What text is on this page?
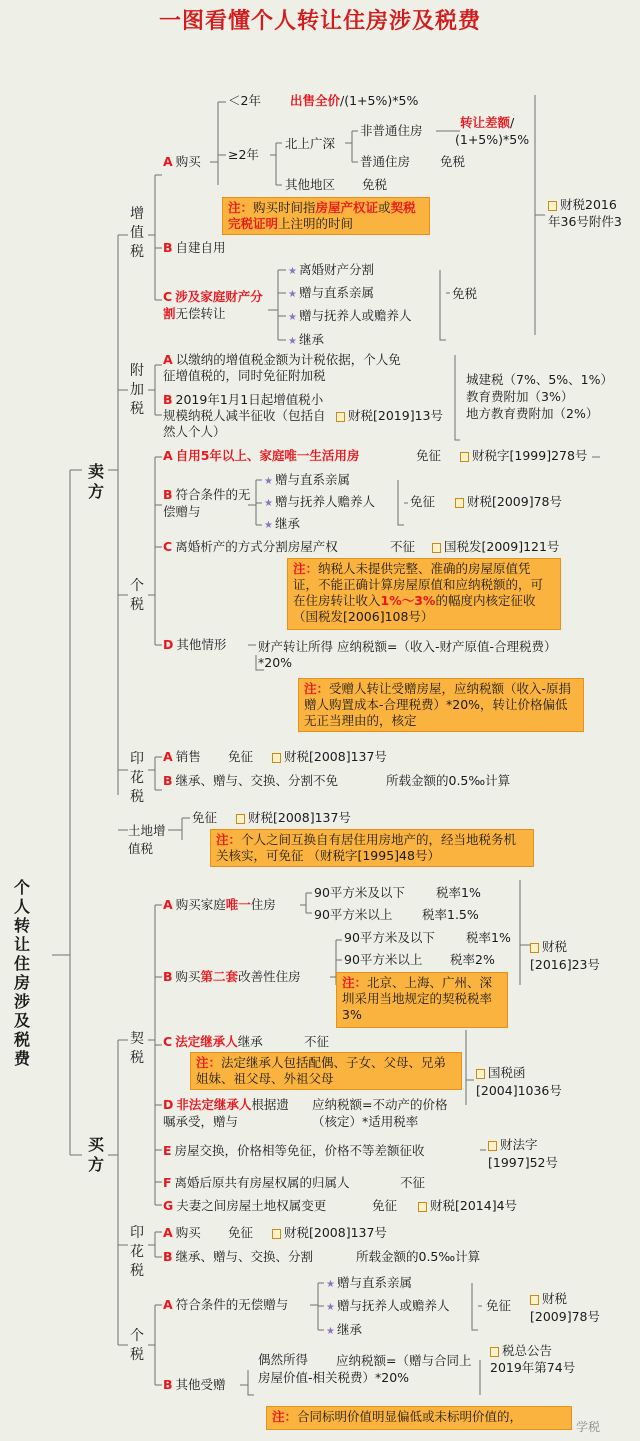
一图看懂个人转让住房涉及税费
个人转让住房涉及税费
卖方
买方
增值税
A 购买
＜2年 出售全价/(1+5%)*5%
≥2年
北上广深
非普通住房
转让差额/
(1+5%)*5%
普通住房 免税
其他地区 免税
注：购买时间指房屋产权证或契税完税证明上注明的时间
B 自建自用
C 涉及家庭财产分割无偿转让
★ 离婚财产分割
★ 赠与直系亲属
★ 赠与抚养人或赡养人
★ 继承
免税
财税2016年36号附件3
附加税
A 以缴纳的增值税金额为计税依据，个人免征增值税的，同时免征附加税
B 2019年1月1日起增值税小规模纳税人减半征收（包括自然人个人）
财税[2019]13号
城建税（7%、5%、1%）
教育费附加（3%）
地方教育费附加（2%）
个税
A 自用5年以上、家庭唯一生活用房	免征	财税字[1999]278号
B 符合条件的无偿赠与
★ 赠与直系亲属
★ 赠与抚养人赡养人
★ 继承
免征	财税[2009]78号
C 离婚析产的方式分割房屋产权	不征	国税发[2009]121号
注：纳税人未提供完整、准确的房屋原值凭证，不能正确计算房屋原值和应纳税额的，可在住房转让收入1%～3%的幅度内核定征收（国税发[2006]108号）
D 其他情形	财产转让所得 应纳税额=（收入-财产原值-合理税费）*20%
注：受赠人转让受赠房屋，应纳税额（收入-原捐赠人购置成本-合理税费）*20%，转让价格偏低无正当理由的，核定
印花税
A 销售 免征	财税[2008]137号
B 继承、赠与、交换、分割不免	所载金额的0.5‰计算
土地增值税
免征	财税[2008]137号
注：个人之间互换自有居住用房地产的，经当地税务机关核实，可免征 （财税字[1995]48号）
契税
A 购买家庭唯一住房
90平方米及以下 税率1%
90平方米以上 税率1.5%
B 购买第二套改善性住房
90平方米及以下 税率1%
90平方米以上 税率2%
注：北京、上海、广州、深圳采用当地规定的契税税率3%
财税[2016]23号
C 法定继承人继承	不征
注：法定继承人包括配偶、子女、父母、兄弟姐妹、祖父母、外祖父母
D 非法定继承人根据遗嘱承受，赠与
应纳税额=不动产的价格（核定）*适用税率
国税函[2004]1036号
E 房屋交换，价格相等免征，价格不等差额征收	财法字[1997]52号
F 离婚后原共有房屋权属的归属人	不征
G 夫妻之间房屋土地权属变更	免征	财税[2014]4号
印花税
A 购买 免征	财税[2008]137号
B 继承、赠与、交换、分割	所载金额的0.5‰计算
个税
A 符合条件的无偿赠与
★ 赠与直系亲属
★ 赠与抚养人或赡养人
★ 继承
免征	财税[2009]78号
B 其他受赠
偶然所得	应纳税额=（赠与合同上房屋价值-相关税费）*20%
税总公告2019年第74号
注：合同标明价值明显偏低或未标明价值的，
学税
